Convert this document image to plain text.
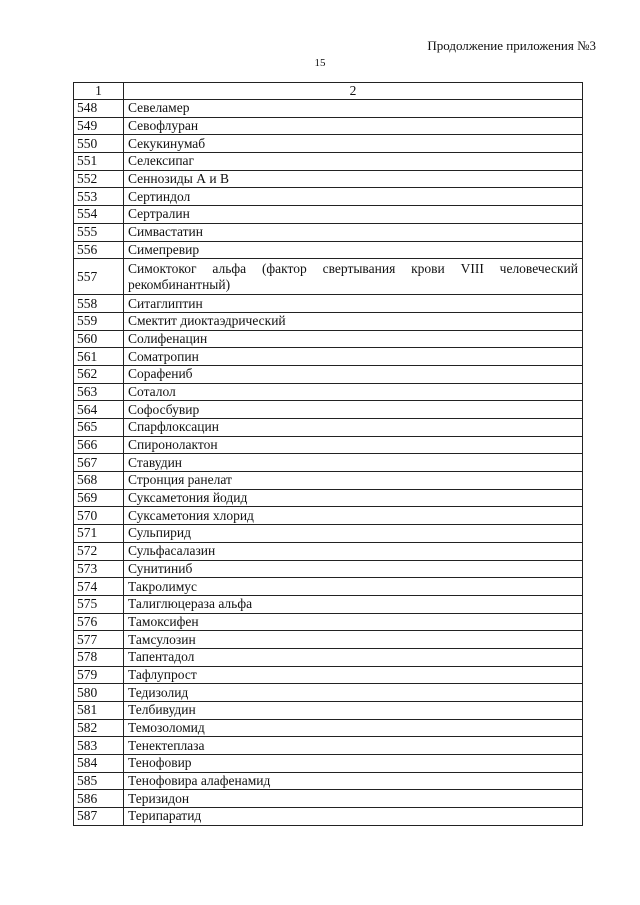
Продолжение приложения №3
15
1	2
548	Севеламер
549	Севофлуран
550	Секукинумаб
551	Селексипаг
552	Сеннозиды А и В
553	Сертиндол
554	Сертралин
555	Симвастатин
556	Симепревир
557	Симоктоког альфа (фактор свертывания крови VIII человеческий рекомбинантный)
558	Ситаглиптин
559	Смектит диоктаэдрический
560	Солифенацин
561	Соматропин
562	Сорафениб
563	Соталол
564	Софосбувир
565	Спарфлоксацин
566	Спиронолактон
567	Ставудин
568	Стронция ранелат
569	Суксаметония йодид
570	Суксаметония хлорид
571	Сульпирид
572	Сульфасалазин
573	Сунитиниб
574	Такролимус
575	Талиглюцераза альфа
576	Тамоксифен
577	Тамсулозин
578	Тапентадол
579	Тафлупрост
580	Тедизолид
581	Телбивудин
582	Темозоломид
583	Тенектеплаза
584	Тенофовир
585	Тенофовира алафенамид
586	Теризидон
587	Терипаратид
